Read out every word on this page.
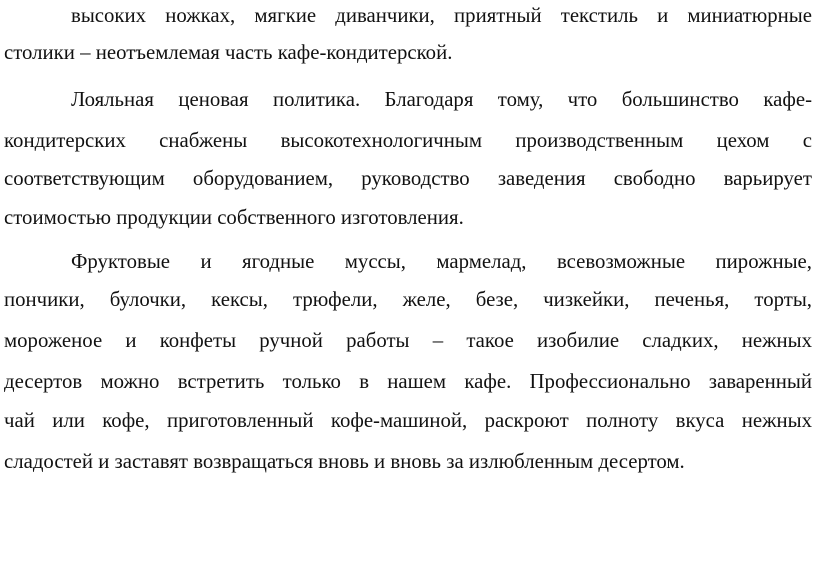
высоких ножках, мягкие диванчики, приятный текстиль и миниатюрные
столики – неотъемлемая часть кафе-кондитерской.
Лояльная ценовая политика. Благодаря тому, что большинство кафе-
кондитерских снабжены высокотехнологичным производственным цехом с
соответствующим оборудованием, руководство заведения свободно варьирует
стоимостью продукции собственного изготовления.
Фруктовые и ягодные муссы, мармелад, всевозможные пирожные,
пончики, булочки, кексы, трюфели, желе, безе, чизкейки, печенья, торты,
мороженое и конфеты ручной работы – такое изобилие сладких, нежных
десертов можно встретить только в нашем кафе. Профессионально заваренный
чай или кофе, приготовленный кофе-машиной, раскроют полноту вкуса нежных
сладостей и заставят возвращаться вновь и вновь за излюбленным десертом.
